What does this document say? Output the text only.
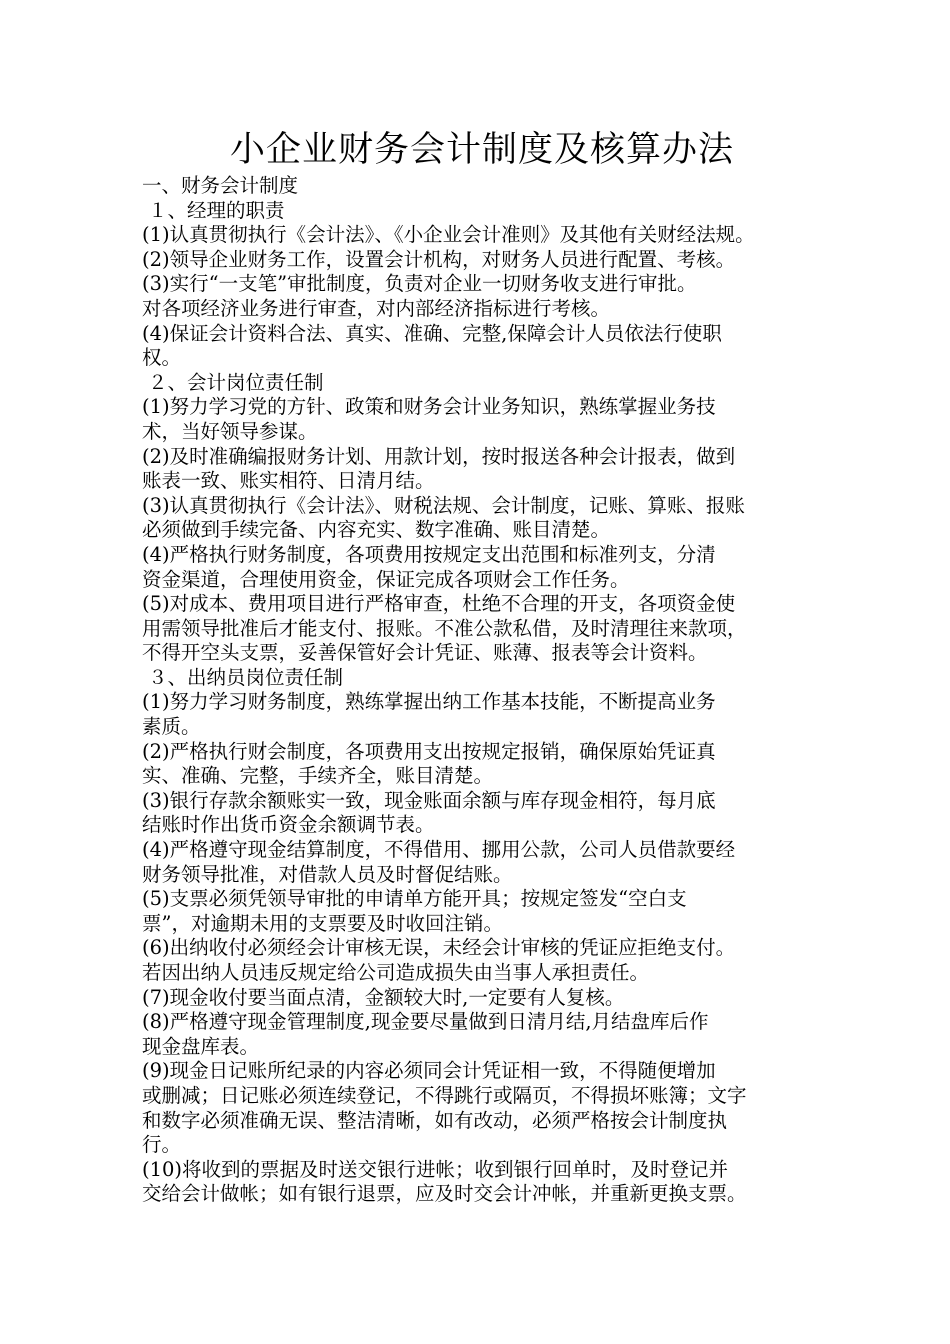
小企业财务会计制度及核算办法

一、财务会计制度

１、经理的职责

(1)认真贯彻执行《会计法》、《小企业会计准则》及其他有关财经法规。

(2)领导企业财务工作，设置会计机构，对财务人员进行配置、考核。

(3)实行“一支笔”审批制度，负责对企业一切财务收支进行审批。

对各项经济业务进行审查，对内部经济指标进行考核。

(4)保证会计资料合法、真实、准确、完整,保障会计人员依法行使职

权。

２、会计岗位责任制

(1)努力学习党的方针、政策和财务会计业务知识，熟练掌握业务技

术，当好领导参谋。

(2)及时准确编报财务计划、用款计划，按时报送各种会计报表，做到

账表一致、账实相符、日清月结。

(3)认真贯彻执行《会计法》、财税法规、会计制度，记账、算账、报账

必须做到手续完备、内容充实、数字准确、账目清楚。

(4)严格执行财务制度，各项费用按规定支出范围和标准列支，分清

资金渠道，合理使用资金，保证完成各项财会工作任务。

(5)对成本、费用项目进行严格审查，杜绝不合理的开支，各项资金使

用需领导批准后才能支付、报账。不准公款私借，及时清理往来款项，

不得开空头支票，妥善保管好会计凭证、账薄、报表等会计资料。

３、出纳员岗位责任制

(1)努力学习财务制度，熟练掌握出纳工作基本技能，不断提高业务

素质。

(2)严格执行财会制度，各项费用支出按规定报销，确保原始凭证真

实、准确、完整，手续齐全，账目清楚。

(3)银行存款余额账实一致，现金账面余额与库存现金相符，每月底

结账时作出货币资金余额调节表。

(4)严格遵守现金结算制度，不得借用、挪用公款，公司人员借款要经

财务领导批准，对借款人员及时督促结账。

(5)支票必须凭领导审批的申请单方能开具；按规定签发“空白支

票”，对逾期未用的支票要及时收回注销。

(6)出纳收付必须经会计审核无误，未经会计审核的凭证应拒绝支付。

若因出纳人员违反规定给公司造成损失由当事人承担责任。

(7)现金收付要当面点清，金额较大时,一定要有人复核。

(8)严格遵守现金管理制度,现金要尽量做到日清月结,月结盘库后作

现金盘库表。

(9)现金日记账所纪录的内容必须同会计凭证相一致，不得随便增加

或删减；日记账必须连续登记，不得跳行或隔页，不得损坏账簿；文字

和数字必须准确无误、整洁清晰，如有改动，必须严格按会计制度执

行。

(10)将收到的票据及时送交银行进帐；收到银行回单时，及时登记并

交给会计做帐；如有银行退票，应及时交会计冲帐，并重新更换支票。
